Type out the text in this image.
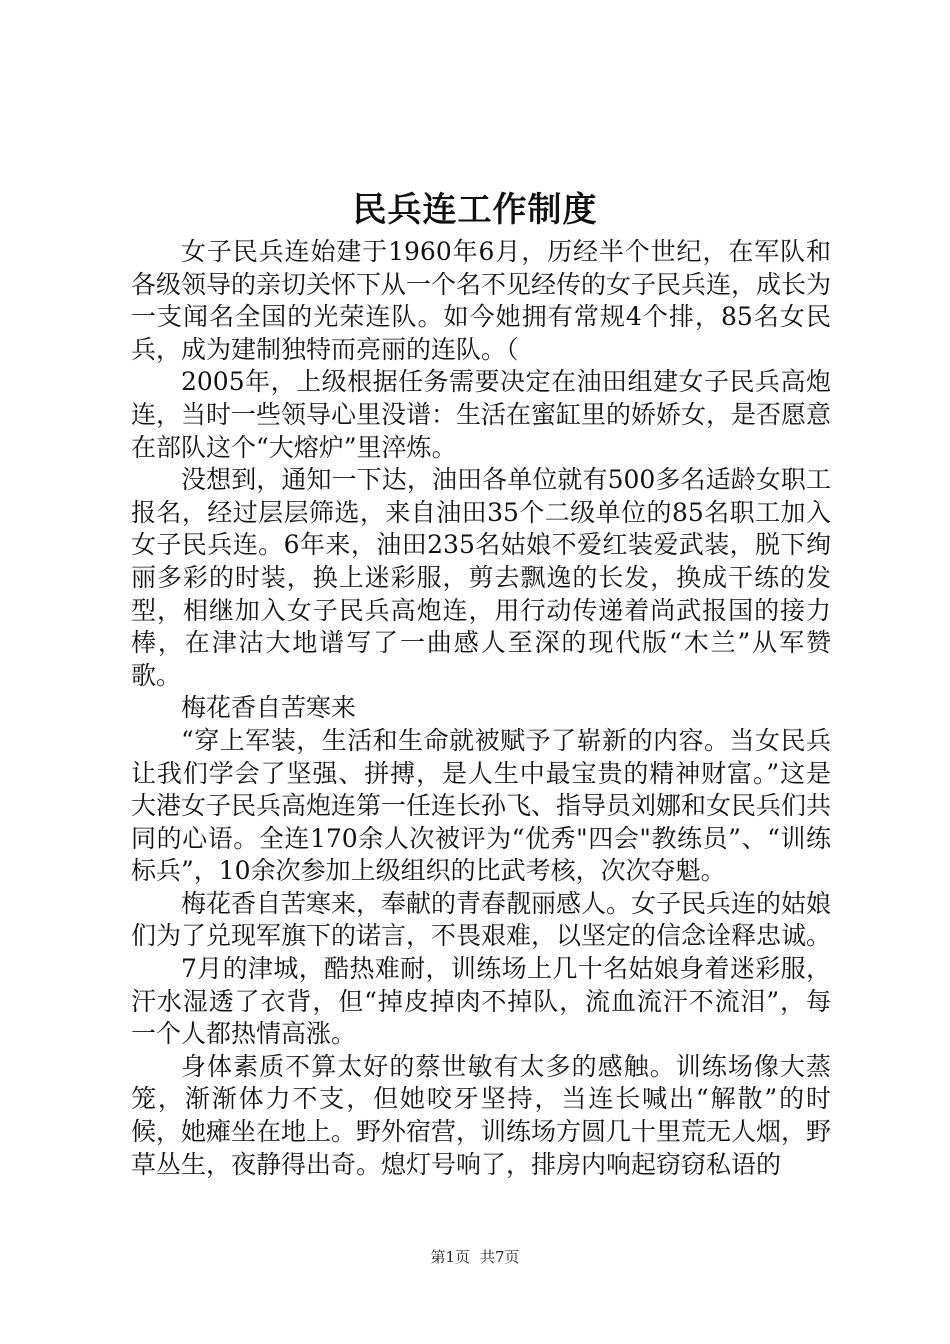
民兵连工作制度

女子民兵连始建于1960年6月，历经半个世纪，在军队和各级领导的亲切关怀下从一个名不见经传的女子民兵连，成长为一支闻名全国的光荣连队。如今她拥有常规4个排，85名女民兵，成为建制独特而亮丽的连队。（

2005年，上级根据任务需要决定在油田组建女子民兵高炮连，当时一些领导心里没谱：生活在蜜缸里的娇娇女，是否愿意在部队这个“大熔炉”里淬炼。

没想到，通知一下达，油田各单位就有500多名适龄女职工报名，经过层层筛选，来自油田35个二级单位的85名职工加入女子民兵连。6年来，油田235名姑娘不爱红装爱武装，脱下绚丽多彩的时装，换上迷彩服，剪去飘逸的长发，换成干练的发型，相继加入女子民兵高炮连，用行动传递着尚武报国的接力棒，在津沽大地谱写了一曲感人至深的现代版“木兰”从军赞歌。

梅花香自苦寒来

“穿上军装，生活和生命就被赋予了崭新的内容。当女民兵让我们学会了坚强、拼搏，是人生中最宝贵的精神财富。”这是大港女子民兵高炮连第一任连长孙飞、指导员刘娜和女民兵们共同的心语。全连170余人次被评为“优秀"四会"教练员”、“训练标兵”，10余次参加上级组织的比武考核，次次夺魁。

梅花香自苦寒来，奉献的青春靓丽感人。女子民兵连的姑娘们为了兑现军旗下的诺言，不畏艰难，以坚定的信念诠释忠诚。

7月的津城，酷热难耐，训练场上几十名姑娘身着迷彩服，汗水湿透了衣背，但“掉皮掉肉不掉队，流血流汗不流泪”，每一个人都热情高涨。

身体素质不算太好的蔡世敏有太多的感触。训练场像大蒸笼，渐渐体力不支，但她咬牙坚持，当连长喊出“解散”的时候，她瘫坐在地上。野外宿营，训练场方圆几十里荒无人烟，野草丛生，夜静得出奇。熄灯号响了，排房内响起窃窃私语的

第1页 共7页
